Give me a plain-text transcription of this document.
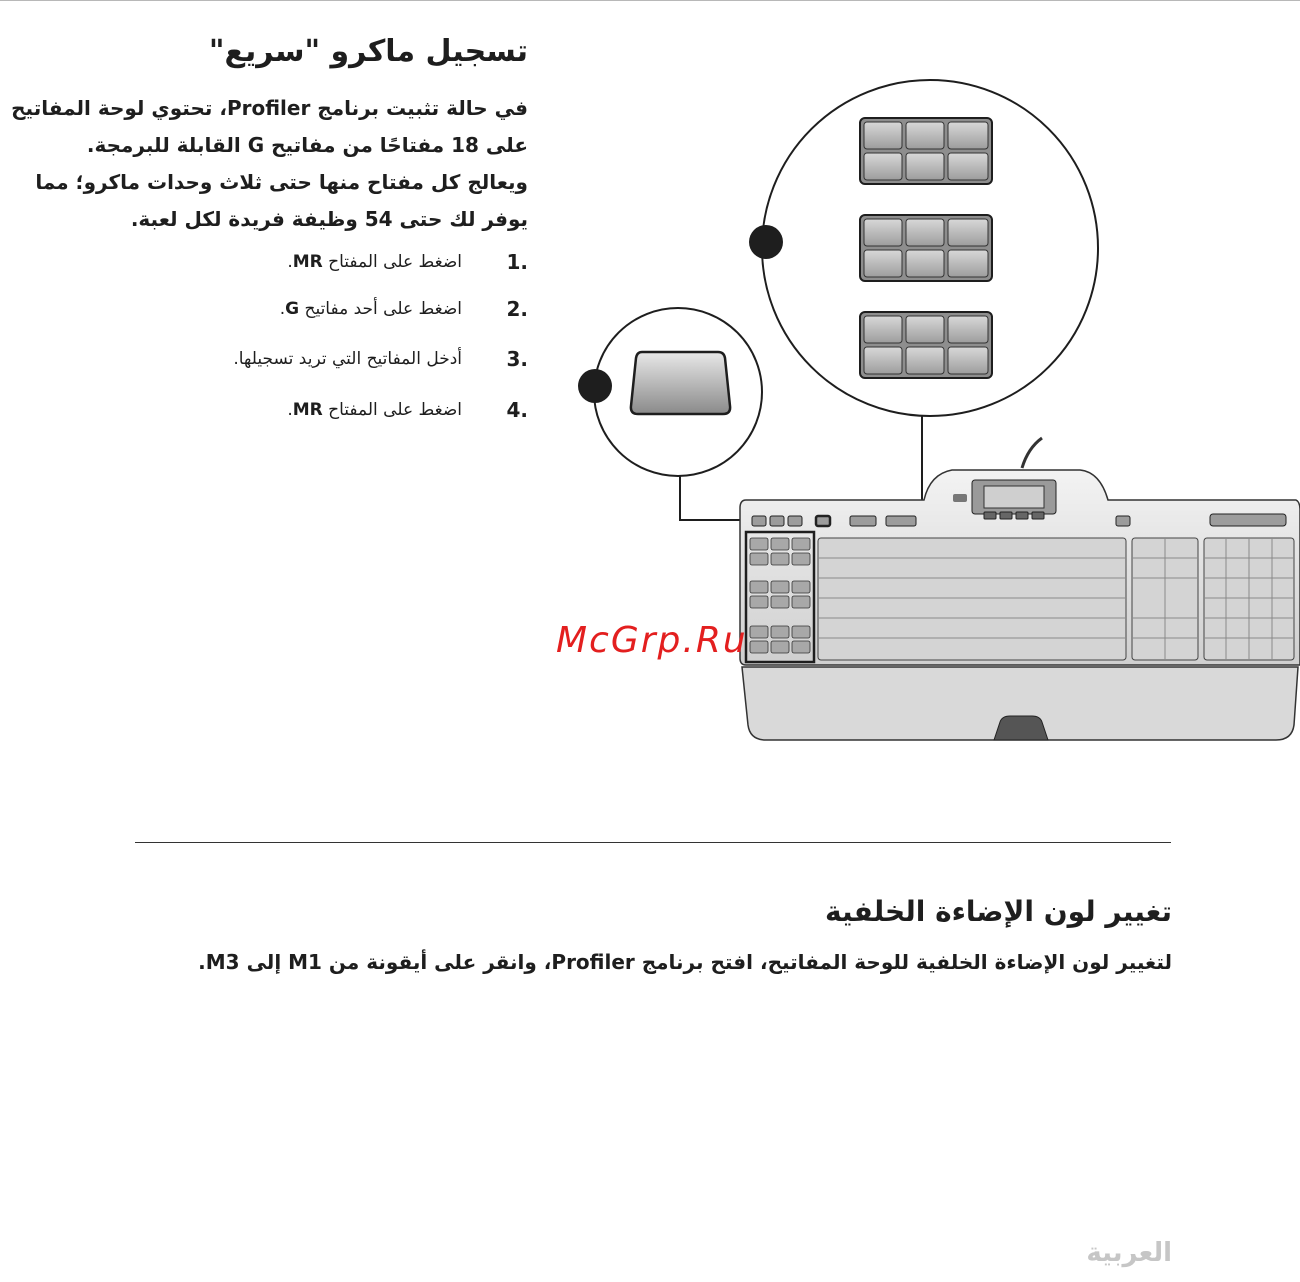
تسجيل ماكرو "سريع"
في حالة تثبيت برنامج Profiler، تحتوي لوحة المفاتيح
على 18 مفتاحًا من مفاتيح G القابلة للبرمجة.
ويعالج كل مفتاح منها حتى ثلاث وحدات ماكرو؛ مما
يوفر لك حتى 54 وظيفة فريدة لكل لعبة.
1.
اضغط على المفتاح MR.
2.
اضغط على أحد مفاتيح G.
3.
أدخل المفاتيح التي تريد تسجيلها.
4.
اضغط على المفتاح MR.
McGrp.Ru
تغيير لون الإضاءة الخلفية
لتغيير لون الإضاءة الخلفية للوحة المفاتيح، افتح برنامج Profiler، وانقر على أيقونة من M1 إلى M3.
العربية
